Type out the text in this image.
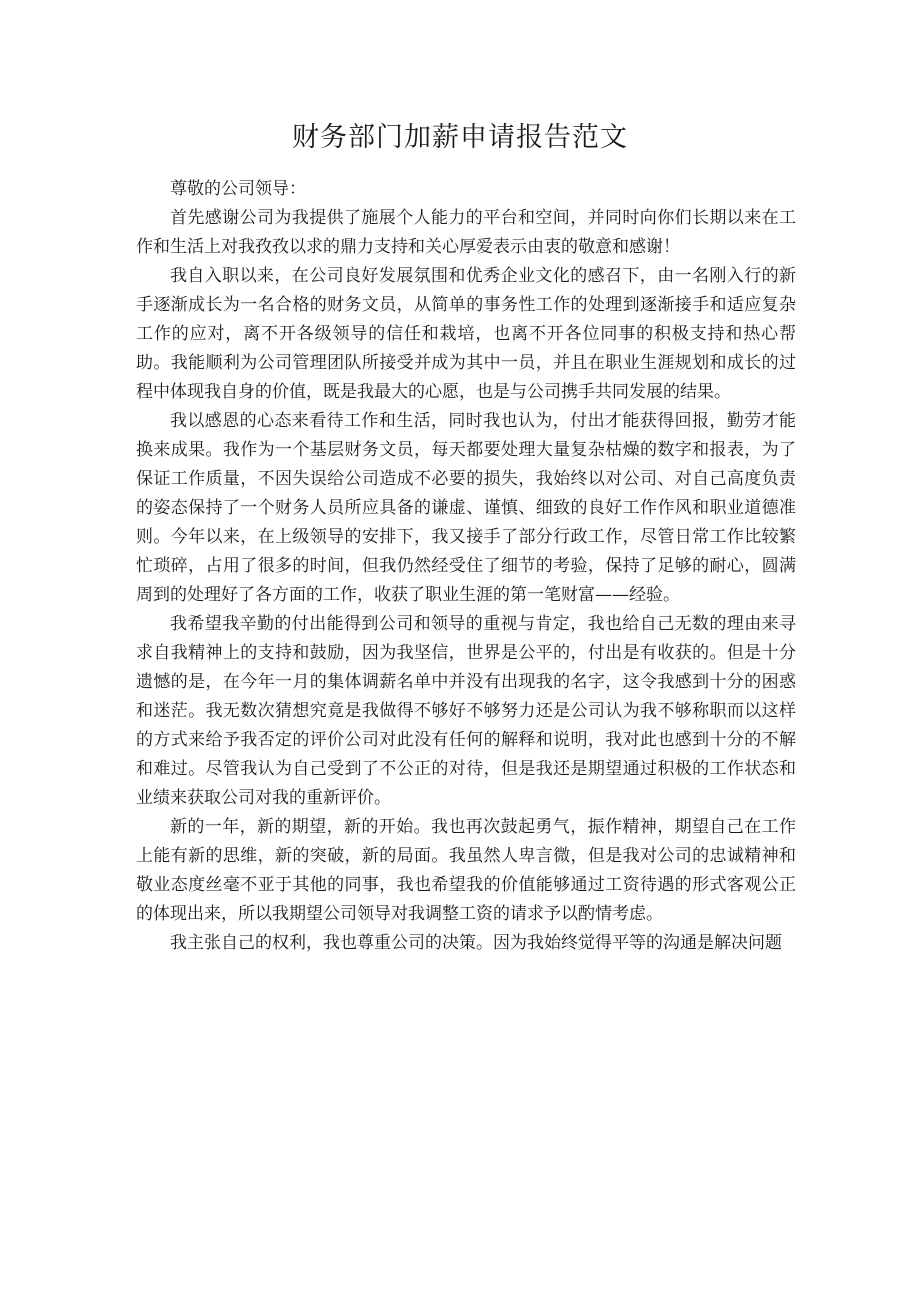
财务部门加薪申请报告范文

尊敬的公司领导：

首先感谢公司为我提供了施展个人能力的平台和空间，并同时向你们长期以来在工作和生活上对我孜孜以求的鼎力支持和关心厚爱表示由衷的敬意和感谢！

我自入职以来，在公司良好发展氛围和优秀企业文化的感召下，由一名刚入行的新手逐渐成长为一名合格的财务文员，从简单的事务性工作的处理到逐渐接手和适应复杂工作的应对，离不开各级领导的信任和栽培，也离不开各位同事的积极支持和热心帮助。我能顺利为公司管理团队所接受并成为其中一员，并且在职业生涯规划和成长的过程中体现我自身的价值，既是我最大的心愿，也是与公司携手共同发展的结果。

我以感恩的心态来看待工作和生活，同时我也认为，付出才能获得回报，勤劳才能换来成果。我作为一个基层财务文员，每天都要处理大量复杂枯燥的数字和报表，为了保证工作质量，不因失误给公司造成不必要的损失，我始终以对公司、对自己高度负责的姿态保持了一个财务人员所应具备的谦虚、谨慎、细致的良好工作作风和职业道德准则。今年以来，在上级领导的安排下，我又接手了部分行政工作，尽管日常工作比较繁忙琐碎，占用了很多的时间，但我仍然经受住了细节的考验，保持了足够的耐心，圆满周到的处理好了各方面的工作，收获了职业生涯的第一笔财富——经验。

我希望我辛勤的付出能得到公司和领导的重视与肯定，我也给自己无数的理由来寻求自我精神上的支持和鼓励，因为我坚信，世界是公平的，付出是有收获的。但是十分遗憾的是，在今年一月的集体调薪名单中并没有出现我的名字，这令我感到十分的困惑和迷茫。我无数次猜想究竟是我做得不够好不够努力还是公司认为我不够称职而以这样的方式来给予我否定的评价公司对此没有任何的解释和说明，我对此也感到十分的不解和难过。尽管我认为自己受到了不公正的对待，但是我还是期望通过积极的工作状态和业绩来获取公司对我的重新评价。

新的一年，新的期望，新的开始。我也再次鼓起勇气，振作精神，期望自己在工作上能有新的思维，新的突破，新的局面。我虽然人卑言微，但是我对公司的忠诚精神和敬业态度丝毫不亚于其他的同事，我也希望我的价值能够通过工资待遇的形式客观公正的体现出来，所以我期望公司领导对我调整工资的请求予以酌情考虑。

我主张自己的权利，我也尊重公司的决策。因为我始终觉得平等的沟通是解决问题
